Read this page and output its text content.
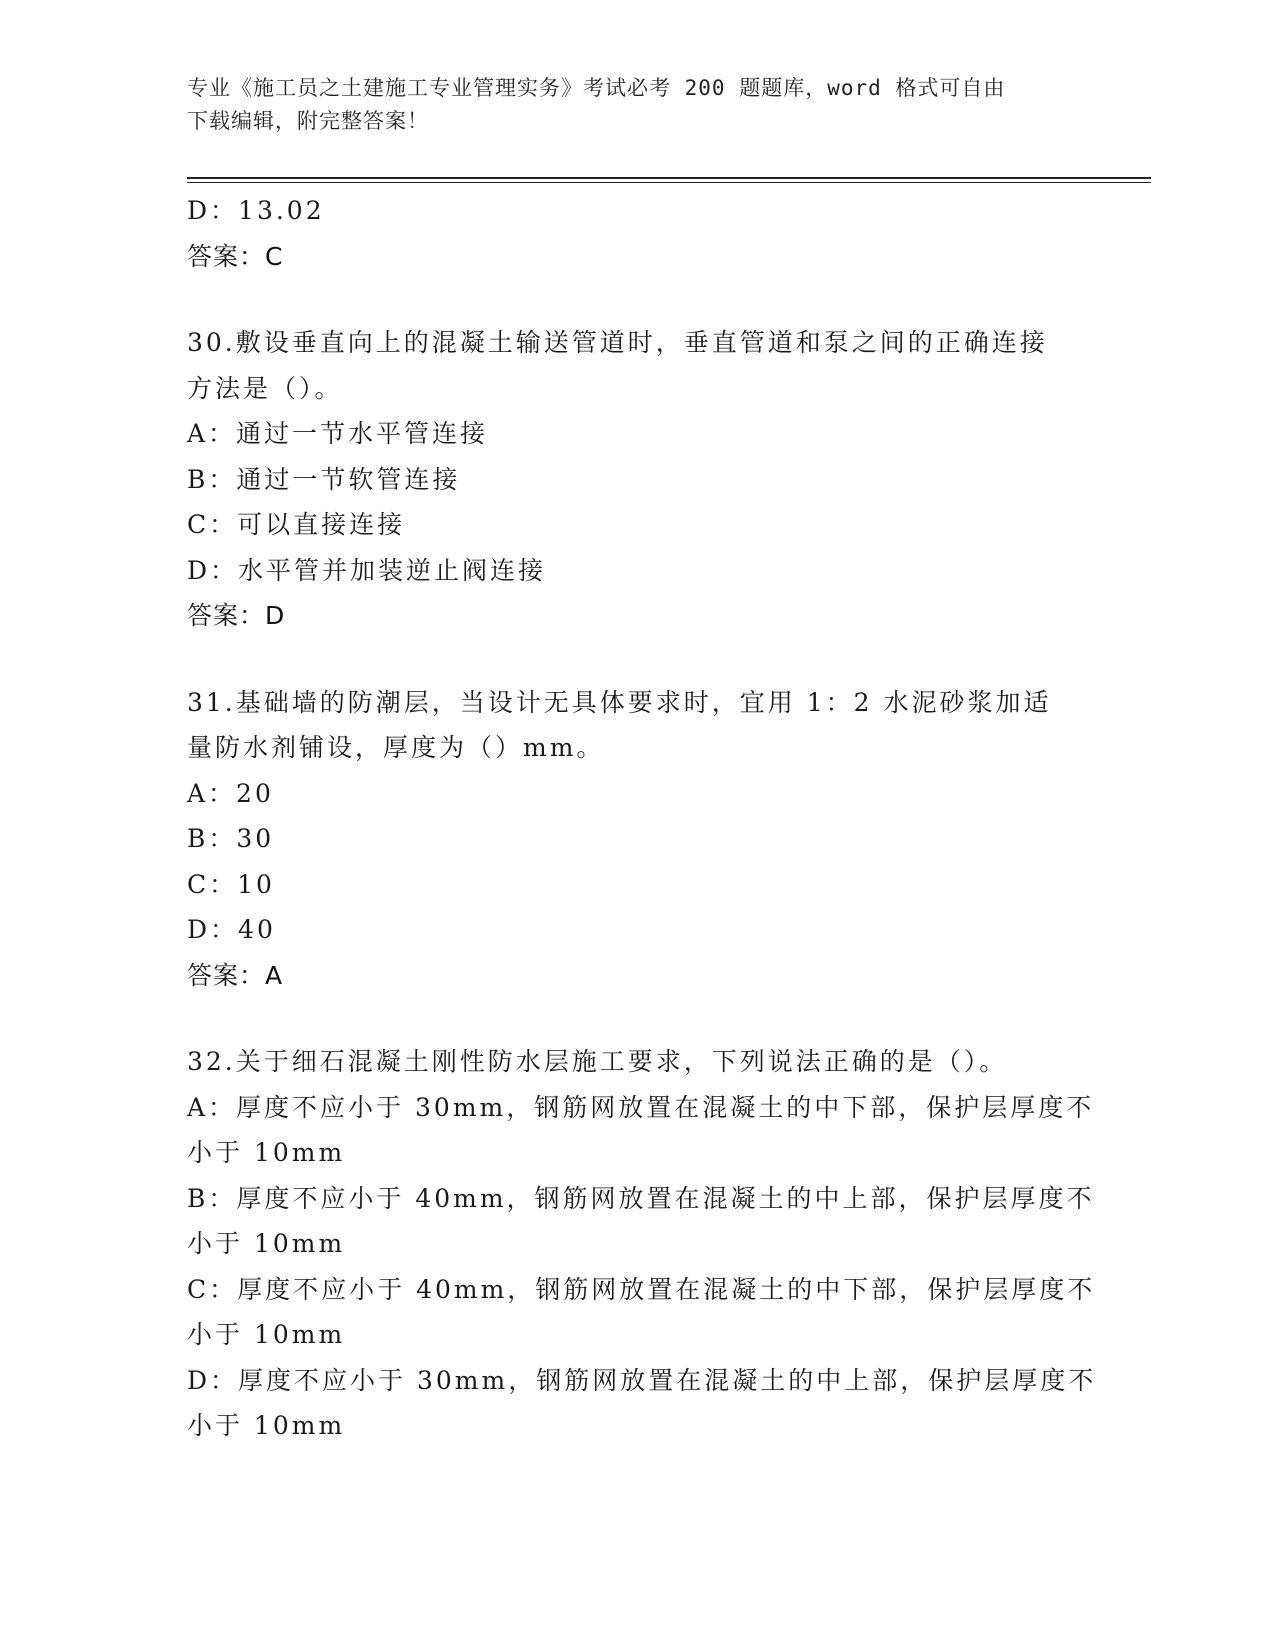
专业《施工员之土建施工专业管理实务》考试必考 200 题题库，word 格式可自由
下载编辑，附完整答案！
D：13.02
答案：C
30.敷设垂直向上的混凝土输送管道时，垂直管道和泵之间的正确连接
方法是（）。
A：通过一节水平管连接
B：通过一节软管连接
C：可以直接连接
D：水平管并加装逆止阀连接
答案：D
31.基础墙的防潮层，当设计无具体要求时，宜用 1：2 水泥砂浆加适
量防水剂铺设，厚度为（）mm。
A：20
B：30
C：10
D：40
答案：A
32.关于细石混凝土刚性防水层施工要求，下列说法正确的是（）。
A：厚度不应小于 30mm，钢筋网放置在混凝土的中下部，保护层厚度不
小于 10mm
B：厚度不应小于 40mm，钢筋网放置在混凝土的中上部，保护层厚度不
小于 10mm
C：厚度不应小于 40mm，钢筋网放置在混凝土的中下部，保护层厚度不
小于 10mm
D：厚度不应小于 30mm，钢筋网放置在混凝土的中上部，保护层厚度不
小于 10mm
